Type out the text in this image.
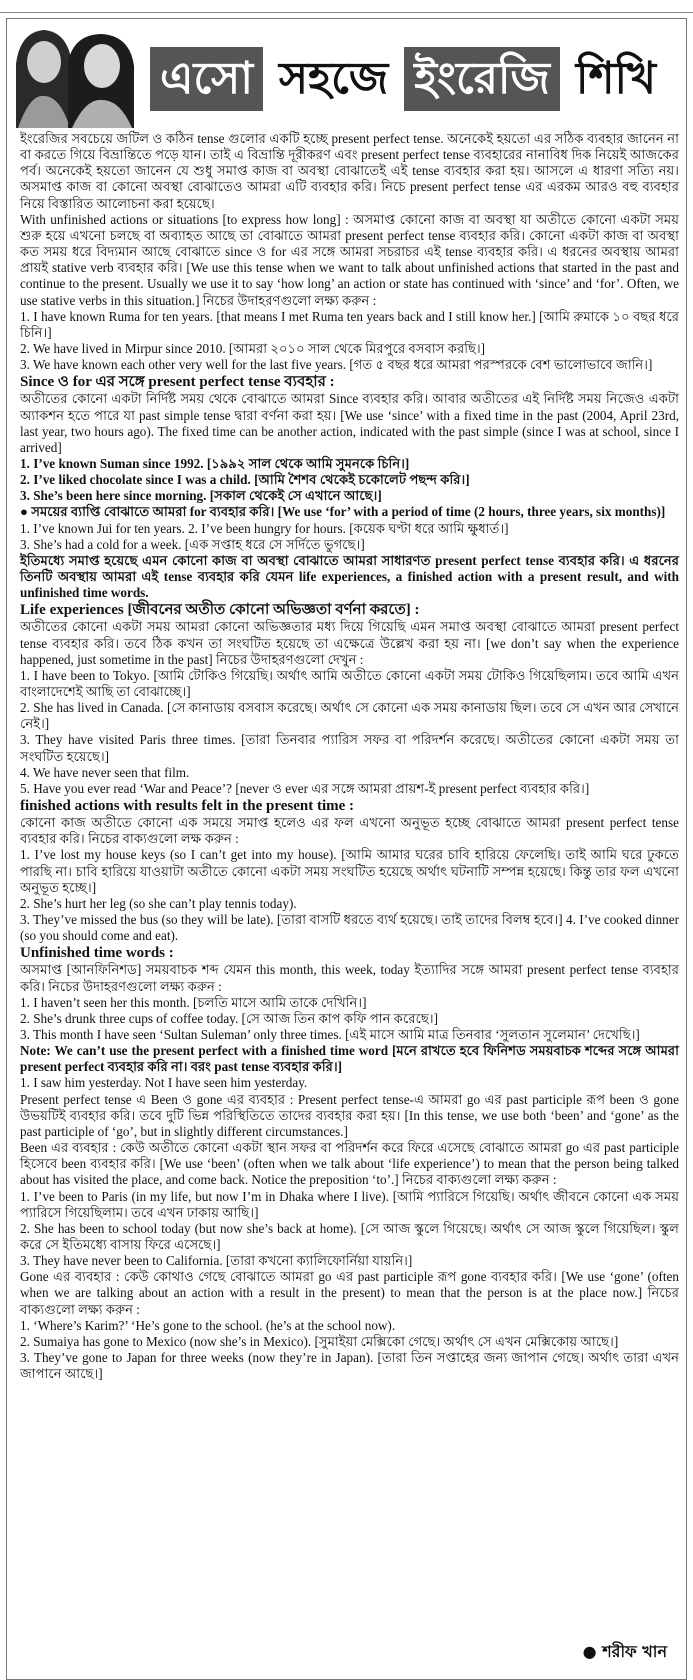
এসো সহজে ইংরেজি শিখি

ইংরেজির সবচেয়ে জটিল ও কঠিন tense গুলোর একটি হচ্ছে present perfect tense. অনেকেই হয়তো এর সঠিক ব্যবহার জানেন না বা করতে গিয়ে বিভ্রান্তিতে পড়ে যান। তাই এ বিভ্রান্তি দূরীকরণ এবং present perfect tense ব্যবহারের নানাবিধ দিক নিয়েই আজকের পর্ব। অনেকেই হয়তো জানেন যে শুধু সমাপ্ত কাজ বা অবস্থা বোঝাতেই এই tense ব্যবহার করা হয়। আসলে এ ধারণা সত্যি নয়। অসমাপ্ত কাজ বা কোনো অবস্থা বোঝাতেও আমরা এটি ব্যবহার করি। নিচে present perfect tense এর এরকম আরও বহু ব্যবহার নিয়ে বিস্তারিত আলোচনা করা হয়েছে।

With unfinished actions or situations [to express how long] : অসমাপ্ত কোনো কাজ বা অবস্থা যা অতীতে কোনো একটা সময় শুরু হয়ে এখনো চলছে বা অব্যাহত আছে তা বোঝাতে আমরা present perfect tense ব্যবহার করি। কোনো একটা কাজ বা অবস্থা কত সময় ধরে বিদ্যমান আছে বোঝাতে since ও for এর সঙ্গে আমরা সচরাচর এই tense ব্যবহার করি। এ ধরনের অবস্থায় আমরা প্রায়ই stative verb ব্যবহার করি। [We use this tense when we want to talk about unfinished actions that started in the past and continue to the present. Usually we use it to say ‘how long’ an action or state has continued with ‘since’ and ‘for’. Often, we use stative verbs in this situation.] নিচের উদাহরণগুলো লক্ষ্য করুন :

1. I have known Ruma for ten years. [that means I met Ruma ten years back and I still know her.] [আমি রুমাকে ১০ বছর ধরে চিনি।]

2. We have lived in Mirpur since 2010. [আমরা ২০১০ সাল থেকে মিরপুরে বসবাস করছি।]

3. We have known each other very well for the last five years. [গত ৫ বছর ধরে আমরা পরস্পরকে বেশ ভালোভাবে জানি।]

Since ও for এর সঙ্গে present perfect tense ব্যবহার :

অতীতের কোনো একটা নির্দিষ্ট সময় থেকে বোঝাতে আমরা Since ব্যবহার করি। আবার অতীতের এই নির্দিষ্ট সময় নিজেও একটা অ্যাকশন হতে পারে যা past simple tense দ্বারা বর্ণনা করা হয়। [We use ‘since’ with a fixed time in the past (2004, April 23rd, last year, two hours ago). The fixed time can be another action, indicated with the past simple (since I was at school, since I arrived]

1. I’ve known Suman since 1992. [১৯৯২ সাল থেকে আমি সুমনকে চিনি।]

2. I’ve liked chocolate since I was a child. [আমি শৈশব থেকেই চকোলেট পছন্দ করি।]

3. She’s been here since morning. [সকাল থেকেই সে এখানে আছে।]

● সময়ের ব্যাপ্তি বোঝাতে আমরা for ব্যবহার করি। [We use ‘for’ with a period of time (2 hours, three years, six months)]

1. I’ve known Jui for ten years. 2. I’ve been hungry for hours. [কয়েক ঘণ্টা ধরে আমি ক্ষুধার্ত।]

3. She’s had a cold for a week. [এক সপ্তাহ ধরে সে সর্দিতে ভুগছে।]

ইতিমধ্যে সমাপ্ত হয়েছে এমন কোনো কাজ বা অবস্থা বোঝাতে আমরা সাধারণত present perfect tense ব্যবহার করি। এ ধরনের তিনটি অবস্থায় আমরা এই tense ব্যবহার করি যেমন life experiences, a finished action with a present result, and with unfinished time words.

Life experiences [জীবনের অতীত কোনো অভিজ্ঞতা বর্ণনা করতে] :

অতীতের কোনো একটা সময় আমরা কোনো অভিজ্ঞতার মধ্য দিয়ে গিয়েছি এমন সমাপ্ত অবস্থা বোঝাতে আমরা present perfect tense ব্যবহার করি। তবে ঠিক কখন তা সংঘটিত হয়েছে তা এক্ষেত্রে উল্লেখ করা হয় না। [we don’t say when the experience happened, just sometime in the past] নিচের উদাহরণগুলো দেখুন :

1. I have been to Tokyo. [আমি টোকিও গিয়েছি। অর্থাৎ আমি অতীতে কোনো একটা সময় টোকিও গিয়েছিলাম। তবে আমি এখন বাংলাদেশেই আছি তা বোঝাচ্ছে।]

2. She has lived in Canada. [সে কানাডায় বসবাস করেছে। অর্থাৎ সে কোনো এক সময় কানাডায় ছিল। তবে সে এখন আর সেখানে নেই।]

3. They have visited Paris three times. [তারা তিনবার প্যারিস সফর বা পরিদর্শন করেছে। অতীতের কোনো একটা সময় তা সংঘটিত হয়েছে।]

4. We have never seen that film.

5. Have you ever read ‘War and Peace’? [never ও ever এর সঙ্গে আমরা প্রায়শ-ই present perfect ব্যবহার করি।]

finished actions with results felt in the present time :

কোনো কাজ অতীতে কোনো এক সময়ে সমাপ্ত হলেও এর ফল এখনো অনুভূত হচ্ছে বোঝাতে আমরা present perfect tense ব্যবহার করি। নিচের বাক্যগুলো লক্ষ করুন :

1. I’ve lost my house keys (so I can’t get into my house). [আমি আমার ঘরের চাবি হারিয়ে ফেলেছি। তাই আমি ঘরে ঢুকতে পারছি না। চাবি হারিয়ে যাওয়াটা অতীতে কোনো একটা সময় সংঘটিত হয়েছে অর্থাৎ ঘটনাটি সম্পন্ন হয়েছে। কিন্তু তার ফল এখনো অনুভূত হচ্ছে।]

2. She’s hurt her leg (so she can’t play tennis today).

3. They’ve missed the bus (so they will be late). [তারা বাসটি ধরতে ব্যর্থ হয়েছে। তাই তাদের বিলম্ব হবে।] 4. I’ve cooked dinner (so you should come and eat).

Unfinished time words :

অসমাপ্ত [আনফিনিশড] সময়বাচক শব্দ যেমন this month, this week, today ইত্যাদির সঙ্গে আমরা present perfect tense ব্যবহার করি। নিচের উদাহরণগুলো লক্ষ্য করুন :

1. I haven’t seen her this month. [চলতি মাসে আমি তাকে দেখিনি।]

2. She’s drunk three cups of coffee today. [সে আজ তিন কাপ কফি পান করেছে।]

3. This month I have seen ‘Sultan Suleman’ only three times. [এই মাসে আমি মাত্র তিনবার ‘সুলতান সুলেমান’ দেখেছি।]

Note: We can’t use the present perfect with a finished time word [মনে রাখতে হবে ফিনিশড সময়বাচক শব্দের সঙ্গে আমরা present perfect ব্যবহার করি না। বরং past tense ব্যবহার করি।]

1. I saw him yesterday. Not I have seen him yesterday.

Present perfect tense এ Been ও gone এর ব্যবহার : Present perfect tense-এ আমরা go এর past participle রূপ been ও gone উভয়টিই ব্যবহার করি। তবে দুটি ভিন্ন পরিস্থিতিতে তাদের ব্যবহার করা হয়। [In this tense, we use both ‘been’ and ‘gone’ as the past participle of ‘go’, but in slightly different circumstances.]

Been এর ব্যবহার : কেউ অতীতে কোনো একটা স্থান সফর বা পরিদর্শন করে ফিরে এসেছে বোঝাতে আমরা go এর past participle হিসেবে been ব্যবহার করি। [We use ‘been’ (often when we talk about ‘life experience’) to mean that the person being talked about has visited the place, and come back. Notice the preposition ‘to’.] নিচের বাক্যগুলো লক্ষ্য করুন :

1. I’ve been to Paris (in my life, but now I’m in Dhaka where I live). [আমি প্যারিসে গিয়েছি। অর্থাৎ জীবনে কোনো এক সময় প্যারিসে গিয়েছিলাম। তবে এখন ঢাকায় আছি।]

2. She has been to school today (but now she’s back at home). [সে আজ স্কুলে গিয়েছে। অর্থাৎ সে আজ স্কুলে গিয়েছিল। স্কুল করে সে ইতিমধ্যে বাসায় ফিরে এসেছে।]

3. They have never been to California. [তারা কখনো ক্যালিফোর্নিয়া যায়নি।]

Gone এর ব্যবহার : কেউ কোথাও গেছে বোঝাতে আমরা go এর past participle রূপ gone ব্যবহার করি। [We use ‘gone’ (often when we are talking about an action with a result in the present) to mean that the person is at the place now.] নিচের বাক্যগুলো লক্ষ্য করুন :

1. ‘Where’s Karim?’ ‘He’s gone to the school. (he’s at the school now).

2. Sumaiya has gone to Mexico (now she’s in Mexico). [সুমাইয়া মেক্সিকো গেছে। অর্থাৎ সে এখন মেক্সিকোয় আছে।]

3. They’ve gone to Japan for three weeks (now they’re in Japan). [তারা তিন সপ্তাহের জন্য জাপান গেছে। অর্থাৎ তারা এখন জাপানে আছে।]

● শরীফ খান
